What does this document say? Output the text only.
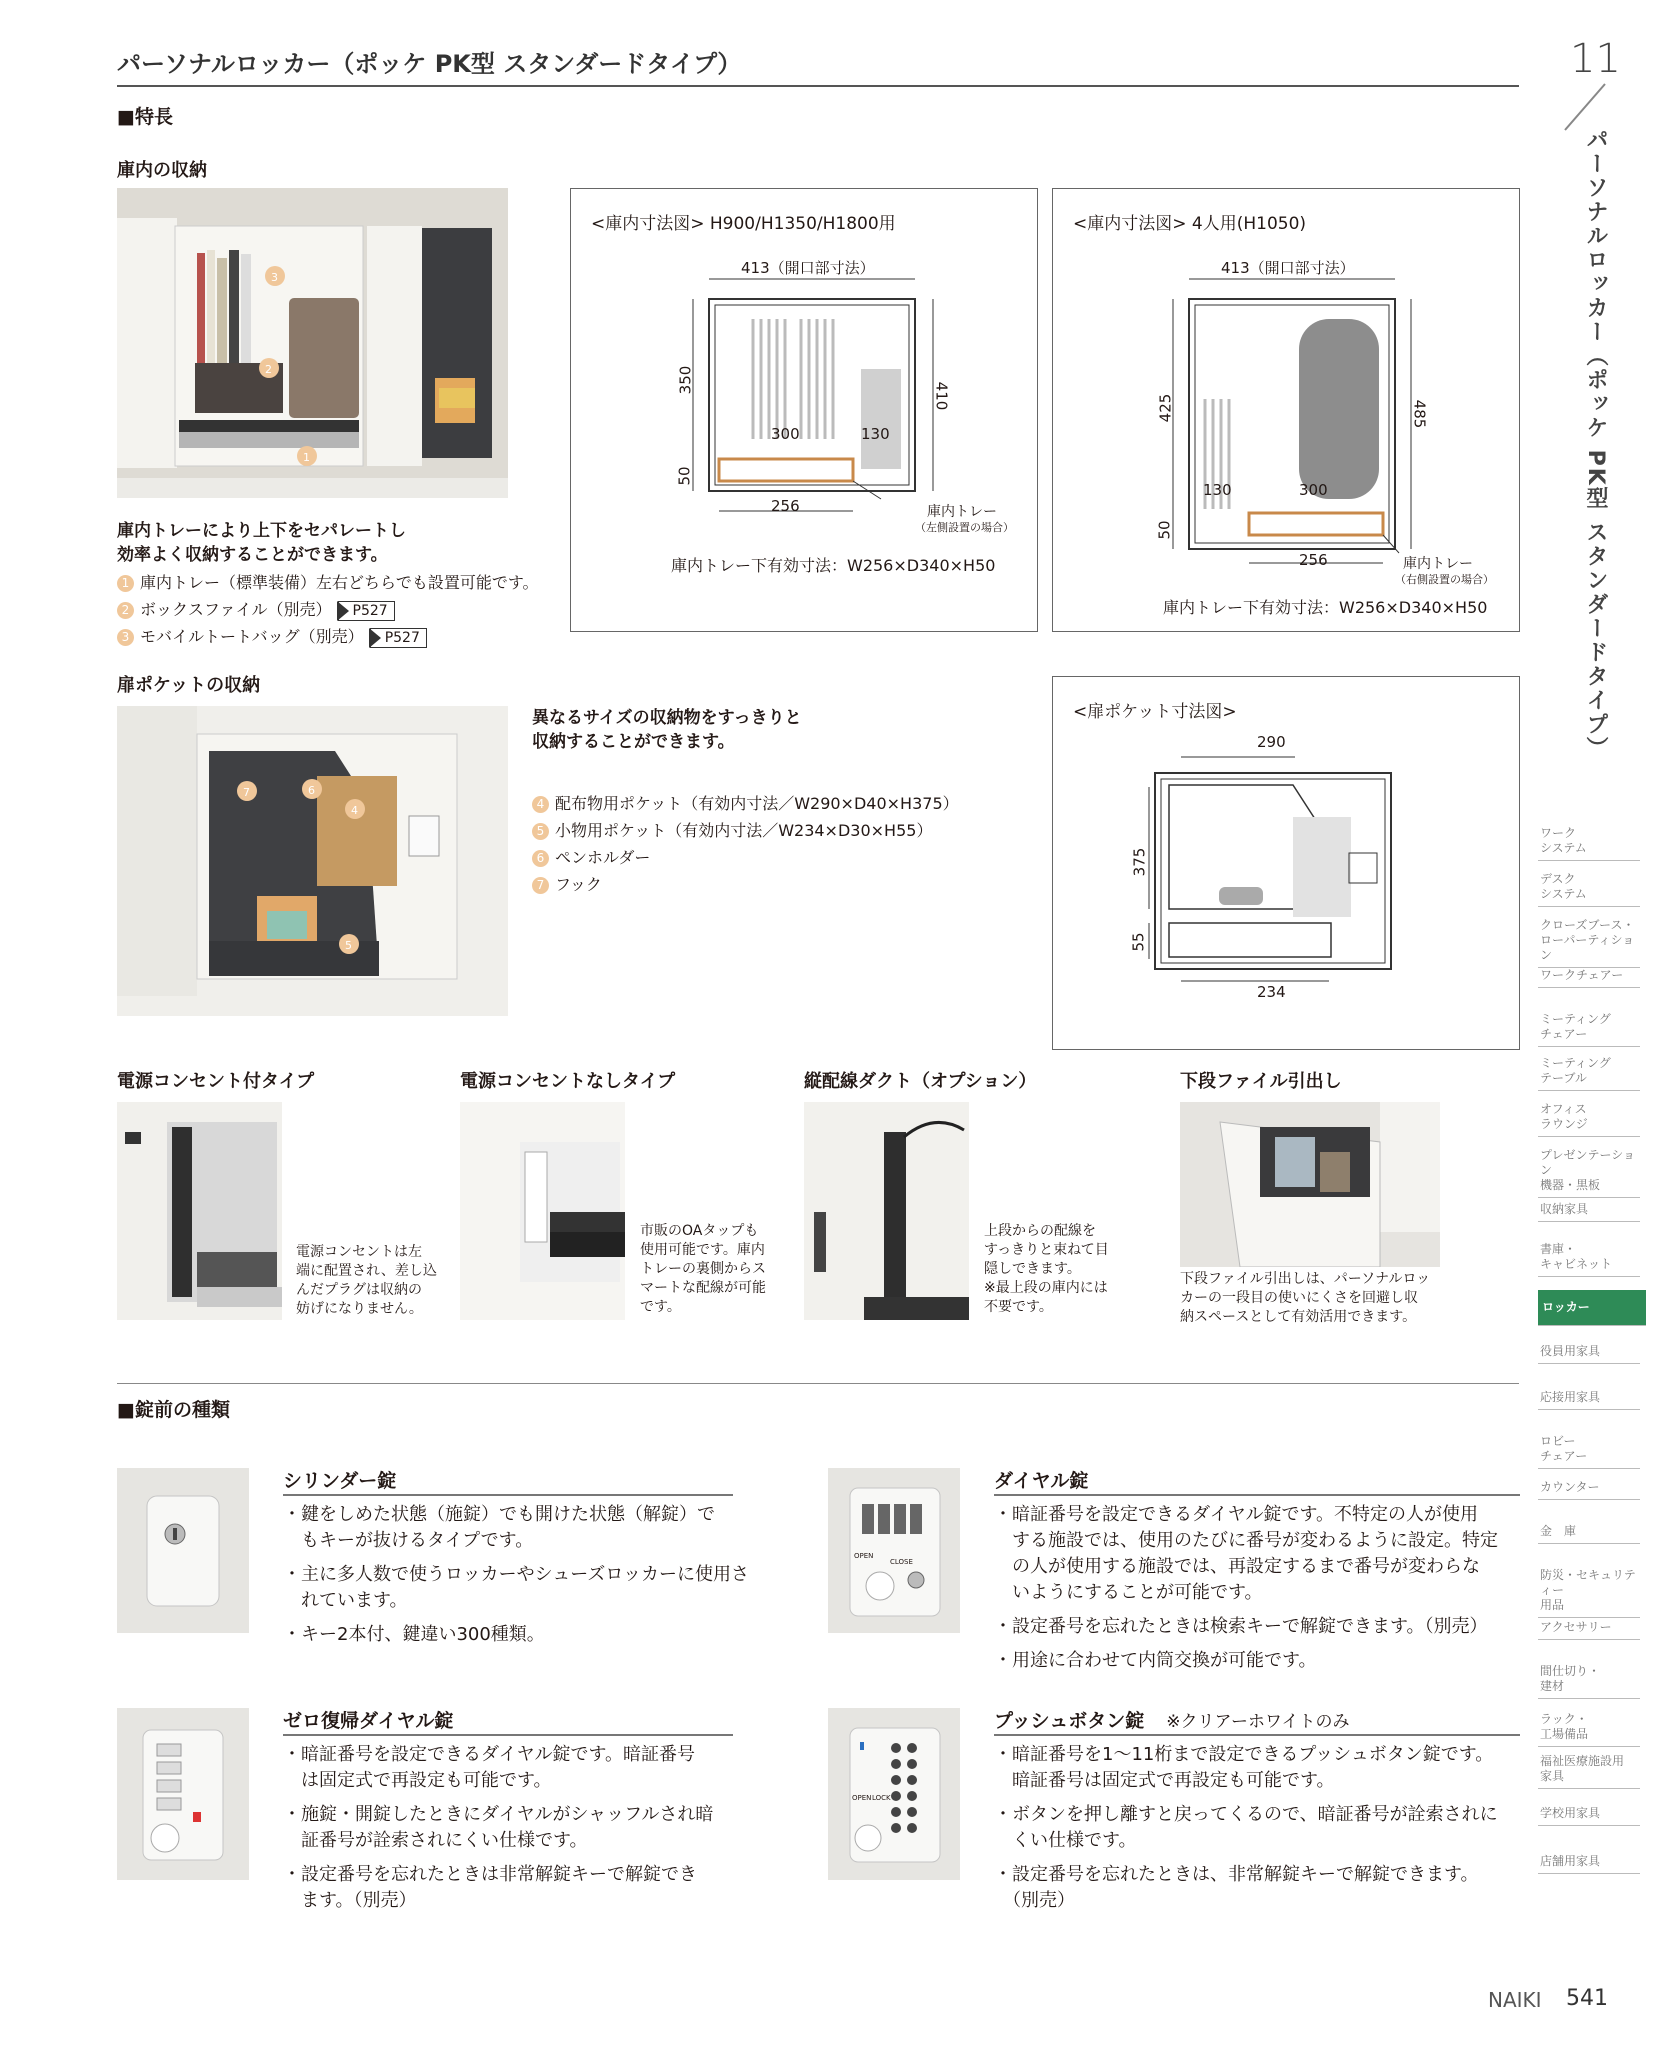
パーソナルロッカー（ポッケ PK型 スタンダードタイプ）	11
パーソナルロッカー（ポッケ PK型 スタンダードタイプ）
■特長
庫内の収納
3
2
1
庫内トレーにより上下をセパレートし
効率よく収納することができます。
1 庫内トレー（標準装備）左右どちらでも設置可能です。
2 ボックスファイル（別売） P527
3 モバイルトートバッグ（別売） P527
<庫内寸法図> H900/H1350/H1800用
413（開口部寸法）
350
50
410
300	130
256	庫内トレー
（左側設置の場合）
庫内トレー下有効寸法：W256×D340×H50
<庫内寸法図> 4人用(H1050)
413（開口部寸法）
425
50
485
130	300
256	庫内トレー
（右側設置の場合）
庫内トレー下有効寸法：W256×D340×H50
扉ポケットの収納
7	6
4
5
異なるサイズの収納物をすっきりと
収納することができます。
4 配布物用ポケット（有効内寸法／W290×D40×H375）
5 小物用ポケット（有効内寸法／W234×D30×H55）
6 ペンホルダー
7 フック
<扉ポケット寸法図>
290
375
55
234
電源コンセント付タイプ	電源コンセントなしタイプ	縦配線ダクト（オプション）	下段ファイル引出し
電源コンセントは左
端に配置され、差し込
んだプラグは収納の
妨げになりません。
市販のOAタップも
使用可能です。庫内
トレーの裏側からス
マートな配線が可能
です。
上段からの配線を
すっきりと束ねて目
隠しできます。
※最上段の庫内には
不要です。
下段ファイル引出しは、パーソナルロッ
カーの一段目の使いにくさを回避し収
納スペースとして有効活用できます。
■錠前の種類
シリンダー錠
・鍵をしめた状態（施錠）でも開けた状態（解錠）で
　もキーが抜けるタイプです。
・主に多人数で使うロッカーやシューズロッカーに使用さ
　れています。
・キー2本付、鍵違い300種類。
OPEN
CLOSE
ダイヤル錠
・暗証番号を設定できるダイヤル錠です。不特定の人が使用
　する施設では、使用のたびに番号が変わるように設定。特定
　の人が使用する施設では、再設定するまで番号が変わらな
　いようにすることが可能です。
・設定番号を忘れたときは検索キーで解錠できます。（別売）
・用途に合わせて内筒交換が可能です。
ゼロ復帰ダイヤル錠
・暗証番号を設定できるダイヤル錠です。暗証番号
　は固定式で再設定も可能です。
・施錠・開錠したときにダイヤルがシャッフルされ暗
　証番号が詮索されにくい仕様です。
・設定番号を忘れたときは非常解錠キーで解錠でき
　ます。（別売）
OPEN LOCK
プッシュボタン錠 ※クリアーホワイトのみ
・暗証番号を1～11桁まで設定できるプッシュボタン錠です。
　暗証番号は固定式で再設定も可能です。
・ボタンを押し離すと戻ってくるので、暗証番号が詮索されに
　くい仕様です。
・設定番号を忘れたときは、非常解錠キーで解錠できます。
　（別売）
ワーク
システム
デスク
システム
クローズブース・
ローパーティション
ワークチェアー
ミーティング
チェアー
ミーティング
テーブル
オフィス
ラウンジ
プレゼンテーション
機器・黒板
収納家具
書庫・
キャビネット
ロッカー
役員用家具
応接用家具
ロビー
チェアー
カウンター
金　庫
防災・セキュリティー
用品
アクセサリー
間仕切り・
建材
ラック・
工場備品
福祉医療施設用
家具
学校用家具
店舗用家具
NAIKI 541
